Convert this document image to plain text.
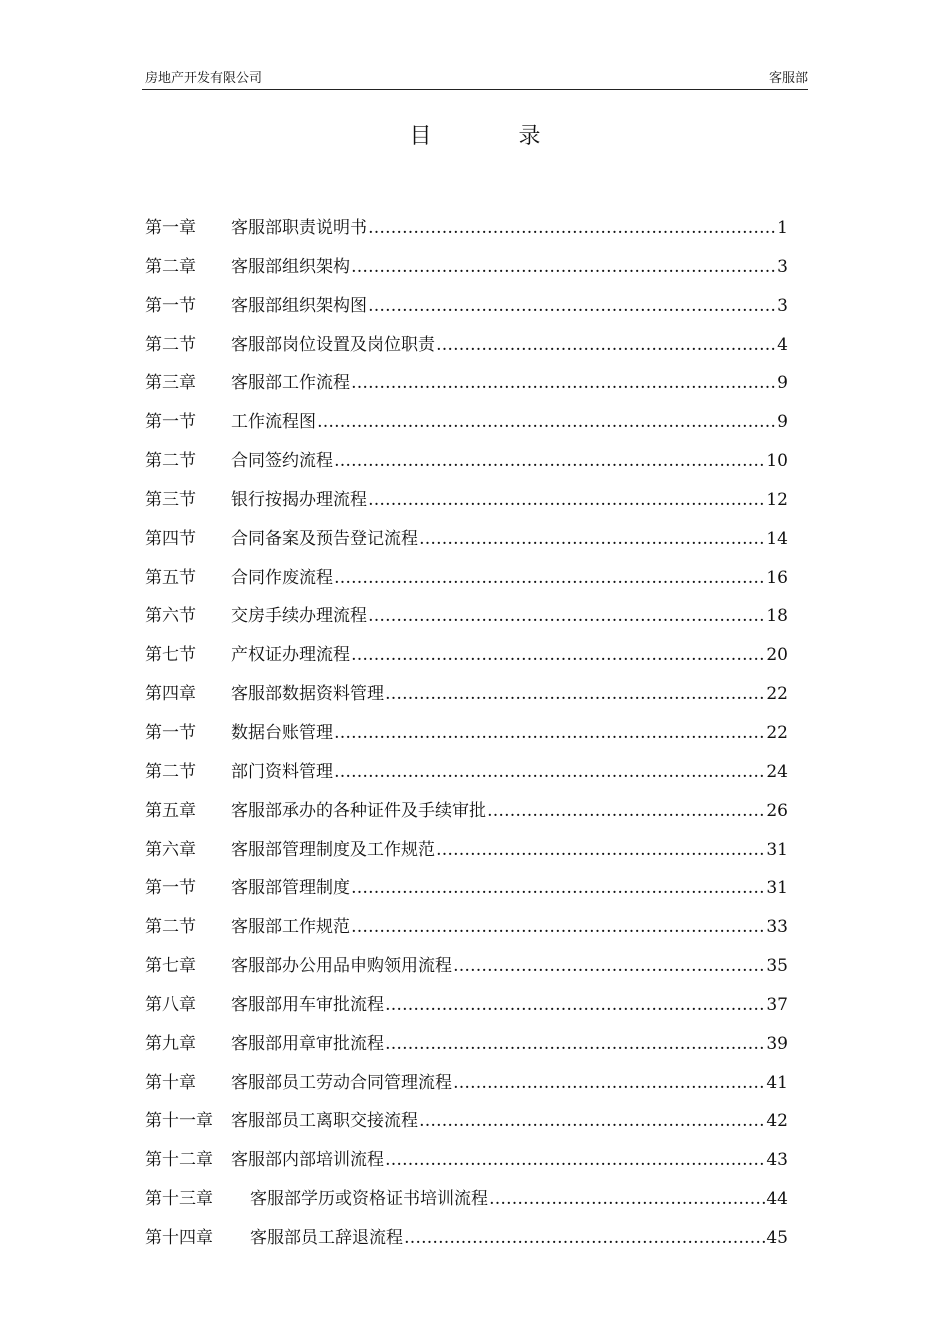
房地产开发有限公司	客服部
目 录
第一章	客服部职责说明书 …………………………………………………………………………………………………………………………………………………………………………	1
第二章	客服部组织架构 …………………………………………………………………………………………………………………………………………………………………………	3
第一节	客服部组织架构图 …………………………………………………………………………………………………………………………………………………………………………	3
第二节	客服部岗位设置及岗位职责 …………………………………………………………………………………………………………………………………………………………………………	4
第三章	客服部工作流程 …………………………………………………………………………………………………………………………………………………………………………	9
第一节	工作流程图 …………………………………………………………………………………………………………………………………………………………………………	9
第二节	合同签约流程 …………………………………………………………………………………………………………………………………………………………………………	10
第三节	银行按揭办理流程 …………………………………………………………………………………………………………………………………………………………………………	12
第四节	合同备案及预告登记流程 …………………………………………………………………………………………………………………………………………………………………………	14
第五节	合同作废流程 …………………………………………………………………………………………………………………………………………………………………………	16
第六节	交房手续办理流程 …………………………………………………………………………………………………………………………………………………………………………	18
第七节	产权证办理流程 …………………………………………………………………………………………………………………………………………………………………………	20
第四章	客服部数据资料管理 …………………………………………………………………………………………………………………………………………………………………………	22
第一节	数据台账管理 …………………………………………………………………………………………………………………………………………………………………………	22
第二节	部门资料管理 …………………………………………………………………………………………………………………………………………………………………………	24
第五章	客服部承办的各种证件及手续审批 …………………………………………………………………………………………………………………………………………………………………………	26
第六章	客服部管理制度及工作规范 …………………………………………………………………………………………………………………………………………………………………………	31
第一节	客服部管理制度 …………………………………………………………………………………………………………………………………………………………………………	31
第二节	客服部工作规范 …………………………………………………………………………………………………………………………………………………………………………	33
第七章	客服部办公用品申购领用流程 …………………………………………………………………………………………………………………………………………………………………………	35
第八章	客服部用车审批流程 …………………………………………………………………………………………………………………………………………………………………………	37
第九章	客服部用章审批流程 …………………………………………………………………………………………………………………………………………………………………………	39
第十章	客服部员工劳动合同管理流程 …………………………………………………………………………………………………………………………………………………………………………	41
第十一章	客服部员工离职交接流程 …………………………………………………………………………………………………………………………………………………………………………	42
第十二章	客服部内部培训流程 …………………………………………………………………………………………………………………………………………………………………………	43
第十三章	客服部学历或资格证书培训流程 …………………………………………………………………………………………………………………………………………………………………………	44
第十四章	客服部员工辞退流程 …………………………………………………………………………………………………………………………………………………………………………	45
